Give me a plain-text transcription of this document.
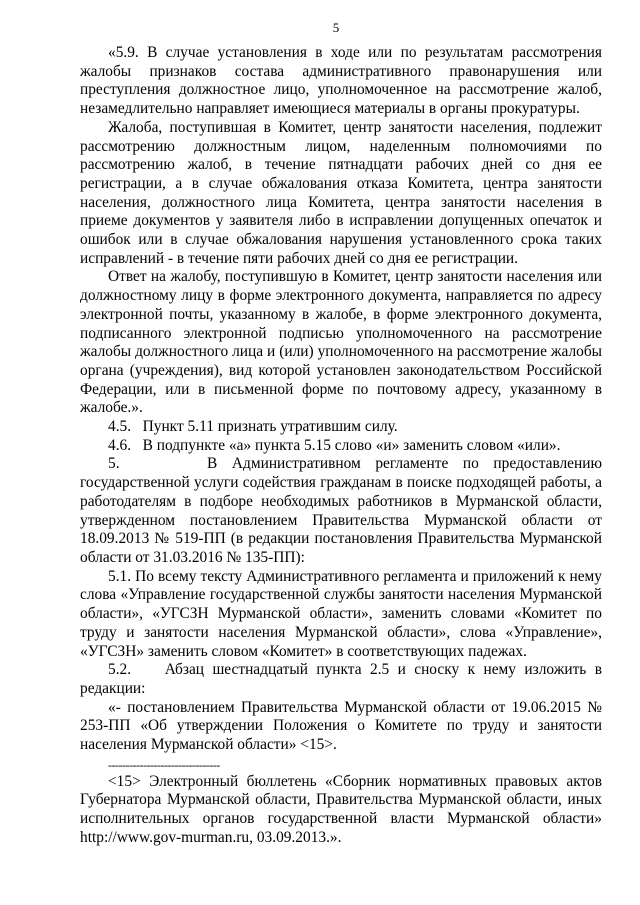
5

«5.9. В случае установления в ходе или по результатам рассмотрения жалобы признаков состава административного правонарушения или преступления должностное лицо, уполномоченное на рассмотрение жалоб, незамедлительно направляет имеющиеся материалы в органы прокуратуры.

Жалоба, поступившая в Комитет, центр занятости населения, подлежит рассмотрению должностным лицом, наделенным полномочиями по рассмотрению жалоб, в течение пятнадцати рабочих дней со дня ее регистрации, а в случае обжалования отказа Комитета, центра занятости населения, должностного лица Комитета, центра занятости населения в приеме документов у заявителя либо в исправлении допущенных опечаток и ошибок или в случае обжалования нарушения установленного срока таких исправлений - в течение пяти рабочих дней со дня ее регистрации.

Ответ на жалобу, поступившую в Комитет, центр занятости населения или должностному лицу в форме электронного документа, направляется по адресу электронной почты, указанному в жалобе, в форме электронного документа, подписанного электронной подписью уполномоченного на рассмотрение жалобы должностного лица и (или) уполномоченного на рассмотрение жалобы органа (учреждения), вид которой установлен законодательством Российской Федерации, или в письменной форме по почтовому адресу, указанному в жалобе.».

4.5.   Пункт 5.11 признать утратившим силу.

4.6.   В подпункте «а» пункта 5.15 слово «и» заменить словом «или».

5.      В Административном регламенте по предоставлению государственной услуги содействия гражданам в поиске подходящей работы, а работодателям в подборе необходимых работников в Мурманской области, утвержденном постановлением Правительства Мурманской области от 18.09.2013 № 519-ПП (в редакции постановления Правительства Мурманской области от 31.03.2016 № 135-ПП):

5.1. По всему тексту Административного регламента и приложений к нему слова «Управление государственной службы занятости населения Мурманской области», «УГСЗН Мурманской области», заменить словами «Комитет по труду и занятости населения Мурманской области», слова «Управление», «УГСЗН» заменить словом «Комитет» в соответствующих падежах.

5.2.    Абзац шестнадцатый пункта 2.5 и сноску к нему изложить в редакции:

«- постановлением Правительства Мурманской области от 19.06.2015 № 253-ПП «Об утверждении Положения о Комитете по труду и занятости населения Мурманской области» <15>.

--------------------------------

<15> Электронный бюллетень «Сборник нормативных правовых актов Губернатора Мурманской области, Правительства Мурманской области, иных исполнительных органов государственной власти Мурманской области» http://www.gov-murman.ru, 03.09.2013.».
